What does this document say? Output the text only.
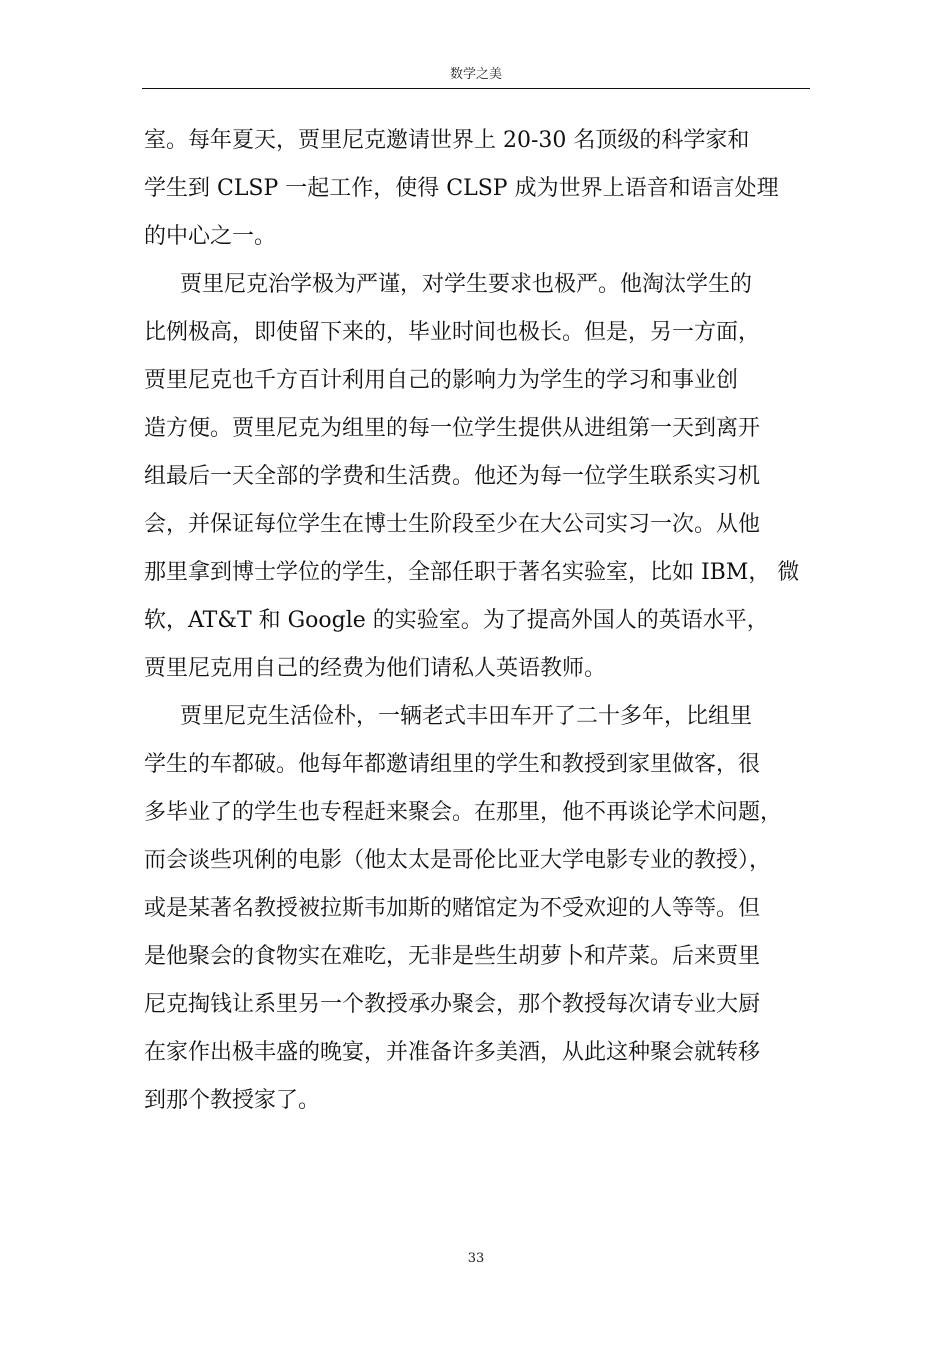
数学之美
室。每年夏天，贾里尼克邀请世界上 20-30 名顶级的科学家和
学生到 CLSP 一起工作，使得 CLSP 成为世界上语音和语言处理
的中心之一。
贾里尼克治学极为严谨，对学生要求也极严。他淘汰学生的
比例极高，即使留下来的，毕业时间也极长。但是，另一方面，
贾里尼克也千方百计利用自己的影响力为学生的学习和事业创
造方便。贾里尼克为组里的每一位学生提供从进组第一天到离开
组最后一天全部的学费和生活费。他还为每一位学生联系实习机
会，并保证每位学生在博士生阶段至少在大公司实习一次。从他
那里拿到博士学位的学生，全部任职于著名实验室，比如 IBM， 微
软，AT&T 和 Google 的实验室。为了提高外国人的英语水平，
贾里尼克用自己的经费为他们请私人英语教师。
贾里尼克生活俭朴，一辆老式丰田车开了二十多年，比组里
学生的车都破。他每年都邀请组里的学生和教授到家里做客，很
多毕业了的学生也专程赶来聚会。在那里，他不再谈论学术问题，
而会谈些巩俐的电影（他太太是哥伦比亚大学电影专业的教授），
或是某著名教授被拉斯韦加斯的赌馆定为不受欢迎的人等等。但
是他聚会的食物实在难吃，无非是些生胡萝卜和芹菜。后来贾里
尼克掏钱让系里另一个教授承办聚会，那个教授每次请专业大厨
在家作出极丰盛的晚宴，并准备许多美酒，从此这种聚会就转移
到那个教授家了。
33
